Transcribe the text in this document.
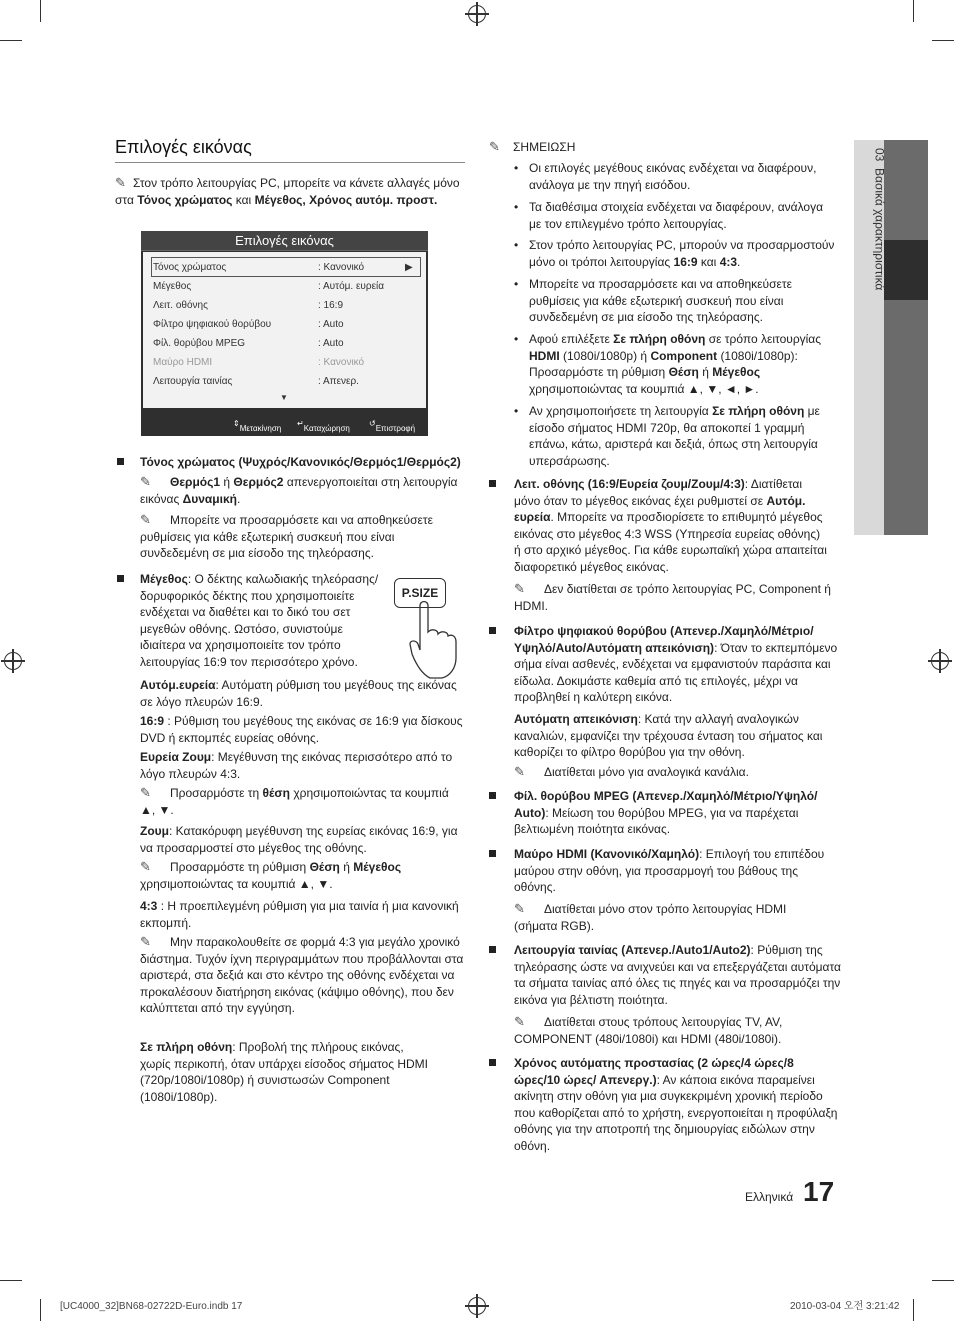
03  Βασικά χαρακτηριστικά
Επιλογές εικόνας
✎ Στον τρόπο λειτουργίας PC, μπορείτε να κάνετε αλλαγές μόνο στα Τόνος χρώματος και Μέγεθος, Χρόνος αυτόμ. προστ.
Επιλογές εικόνας
Τόνος χρώματος	: Κανονικό	▶
Μέγεθος	: Αυτόμ. ευρεία
Λειτ. οθόνης	: 16:9
Φίλτρο ψηφιακού θορύβου	: Auto
Φίλ. θορύβου MPEG	: Auto
Μαύρο HDMI	: Κανονικό
Λειτουργία ταινίας	: Απενερ.
▼
⇕
Μετακίνηση
↵
Καταχώρηση
↺
Επιστροφή
Τόνος χρώματος (Ψυχρός/Κανονικός/Θερμός1/Θερμός2)
✎ Θερμός1 ή Θερμός2 απενεργοποιείται στη λειτουργία εικόνας Δυναμική.
✎ Μπορείτε να προσαρμόσετε και να αποθηκεύσετε ρυθμίσεις για κάθε εξωτερική συσκευή που είναι συνδεδεμένη σε μια είσοδο της τηλεόρασης.
Μέγεθος: Ο δέκτης καλωδιακής τηλεόρασης/ δορυφορικός δέκτης που χρησιμοποιείτε ενδέχεται να διαθέτει και το δικό του σετ μεγεθών οθόνης. Ωστόσο, συνιστούμε ιδιαίτερα να χρησιμοποιείτε τον τρόπο λειτουργίας 16:9 τον περισσότερο χρόνο.
P.SIZE
Αυτόμ.ευρεία: Αυτόματη ρύθμιση του μεγέθους της εικόνας σε λόγο πλευρών 16:9.
16:9 : Ρύθμιση του μεγέθους της εικόνας σε 16:9 για δίσκους DVD ή εκπομπές ευρείας οθόνης.
Ευρεία Ζουμ: Μεγέθυνση της εικόνας περισσότερο από το λόγο πλευρών 4:3.
✎ Προσαρμόστε τη θέση χρησιμοποιώντας τα κουμπιά ▲, ▼.
Ζουμ: Κατακόρυφη μεγέθυνση της ευρείας εικόνας 16:9, για να προσαρμοστεί στο μέγεθος της οθόνης.
✎ Προσαρμόστε τη ρύθμιση Θέση ή Μέγεθος χρησιμοποιώντας τα κουμπιά ▲, ▼.
4:3 : Η προεπιλεγμένη ρύθμιση για μια ταινία ή μια κανονική εκπομπή.
✎ Μην παρακολουθείτε σε φορμά 4:3 για μεγάλο χρονικό διάστημα. Τυχόν ίχνη περιγραμμάτων που προβάλλονται στα αριστερά, στα δεξιά και στο κέντρο της οθόνης ενδέχεται να προκαλέσουν διατήρηση εικόνας (κάψιμο οθόνης), που δεν καλύπτεται από την εγγύηση.
Σε πλήρη οθόνη: Προβολή της πλήρους εικόνας, χωρίς περικοπή, όταν υπάρχει είσοδος σήματος HDMI (720p/1080i/1080p) ή συνιστωσών Component (1080i/1080p).
✎ ΣΗΜΕΙΩΣΗ
• Οι επιλογές μεγέθους εικόνας ενδέχεται να διαφέρουν, ανάλογα με την πηγή εισόδου.
• Τα διαθέσιμα στοιχεία ενδέχεται να διαφέρουν, ανάλογα με τον επιλεγμένο τρόπο λειτουργίας.
• Στον τρόπο λειτουργίας PC, μπορούν να προσαρμοστούν μόνο οι τρόποι λειτουργίας 16:9 και 4:3.
• Μπορείτε να προσαρμόσετε και να αποθηκεύσετε ρυθμίσεις για κάθε εξωτερική συσκευή που είναι συνδεδεμένη σε μια είσοδο της τηλεόρασης.
• Αφού επιλέξετε Σε πλήρη οθόνη σε τρόπο λειτουργίας HDMI (1080i/1080p) ή Component (1080i/1080p): Προσαρμόστε τη ρύθμιση Θέση ή Μέγεθος χρησιμοποιώντας τα κουμπιά ▲, ▼, ◄, ►.
• Αν χρησιμοποιήσετε τη λειτουργία Σε πλήρη οθόνη με είσοδο σήματος HDMI 720p, θα αποκοπεί 1 γραμμή επάνω, κάτω, αριστερά και δεξιά, όπως στη λειτουργία υπερσάρωσης.
Λειτ. οθόνης (16:9/Ευρεία ζουμ/Ζουμ/4:3): Διατίθεται μόνο όταν το μέγεθος εικόνας έχει ρυθμιστεί σε Αυτόμ. ευρεία. Μπορείτε να προσδιορίσετε το επιθυμητό μέγεθος εικόνας στο μέγεθος 4:3 WSS (Υπηρεσία ευρείας οθόνης) ή στο αρχικό μέγεθος. Για κάθε ευρωπαϊκή χώρα απαιτείται διαφορετικό μέγεθος εικόνας.
✎ Δεν διατίθεται σε τρόπο λειτουργίας PC, Component ή HDMI.
Φίλτρο ψηφιακού θορύβου (Απενερ./Χαμηλό/Μέτριο/ Υψηλό/Auto/Αυτόματη απεικόνιση): Όταν το εκπεμπόμενο σήμα είναι ασθενές, ενδέχεται να εμφανιστούν παράσιτα και είδωλα. Δοκιμάστε καθεμία από τις επιλογές, μέχρι να προβληθεί η καλύτερη εικόνα.
Αυτόματη απεικόνιση: Κατά την αλλαγή αναλογικών καναλιών, εμφανίζει την τρέχουσα ένταση του σήματος και καθορίζει το φίλτρο θορύβου για την οθόνη.
✎ Διατίθεται μόνο για αναλογικά κανάλια.
Φίλ. θορύβου MPEG (Απενερ./Χαμηλό/Μέτριο/Υψηλό/ Auto): Μείωση του θορύβου MPEG, για να παρέχεται βελτιωμένη ποιότητα εικόνας.
Μαύρο HDMI (Κανονικό/Χαμηλό): Επιλογή του επιπέδου μαύρου στην οθόνη, για προσαρμογή του βάθους της οθόνης.
✎ Διατίθεται μόνο στον τρόπο λειτουργίας HDMI (σήματα RGB).
Λειτουργία ταινίας (Απενερ./Auto1/Auto2): Ρύθμιση της τηλεόρασης ώστε να ανιχνεύει και να επεξεργάζεται αυτόματα τα σήματα ταινίας από όλες τις πηγές και να προσαρμόζει την εικόνα για βέλτιστη ποιότητα.
✎ Διατίθεται στους τρόπους λειτουργίας TV, AV, COMPONENT (480i/1080i) και HDMI (480i/1080i).
Χρόνος αυτόματης προστασίας (2 ώρες/4 ώρες/8 ώρες/10 ώρες/ Απενεργ.): Αν κάποια εικόνα παραμείνει ακίνητη στην οθόνη για μια συγκεκριμένη χρονική περίοδο που καθορίζεται από το χρήστη, ενεργοποιείται η προφύλαξη οθόνης για την αποτροπή της δημιουργίας ειδώλων στην οθόνη.
Ελληνικά 17
[UC4000_32]BN68-02722D-Euro.indb 17	2010-03-04 오전 3:21:42
